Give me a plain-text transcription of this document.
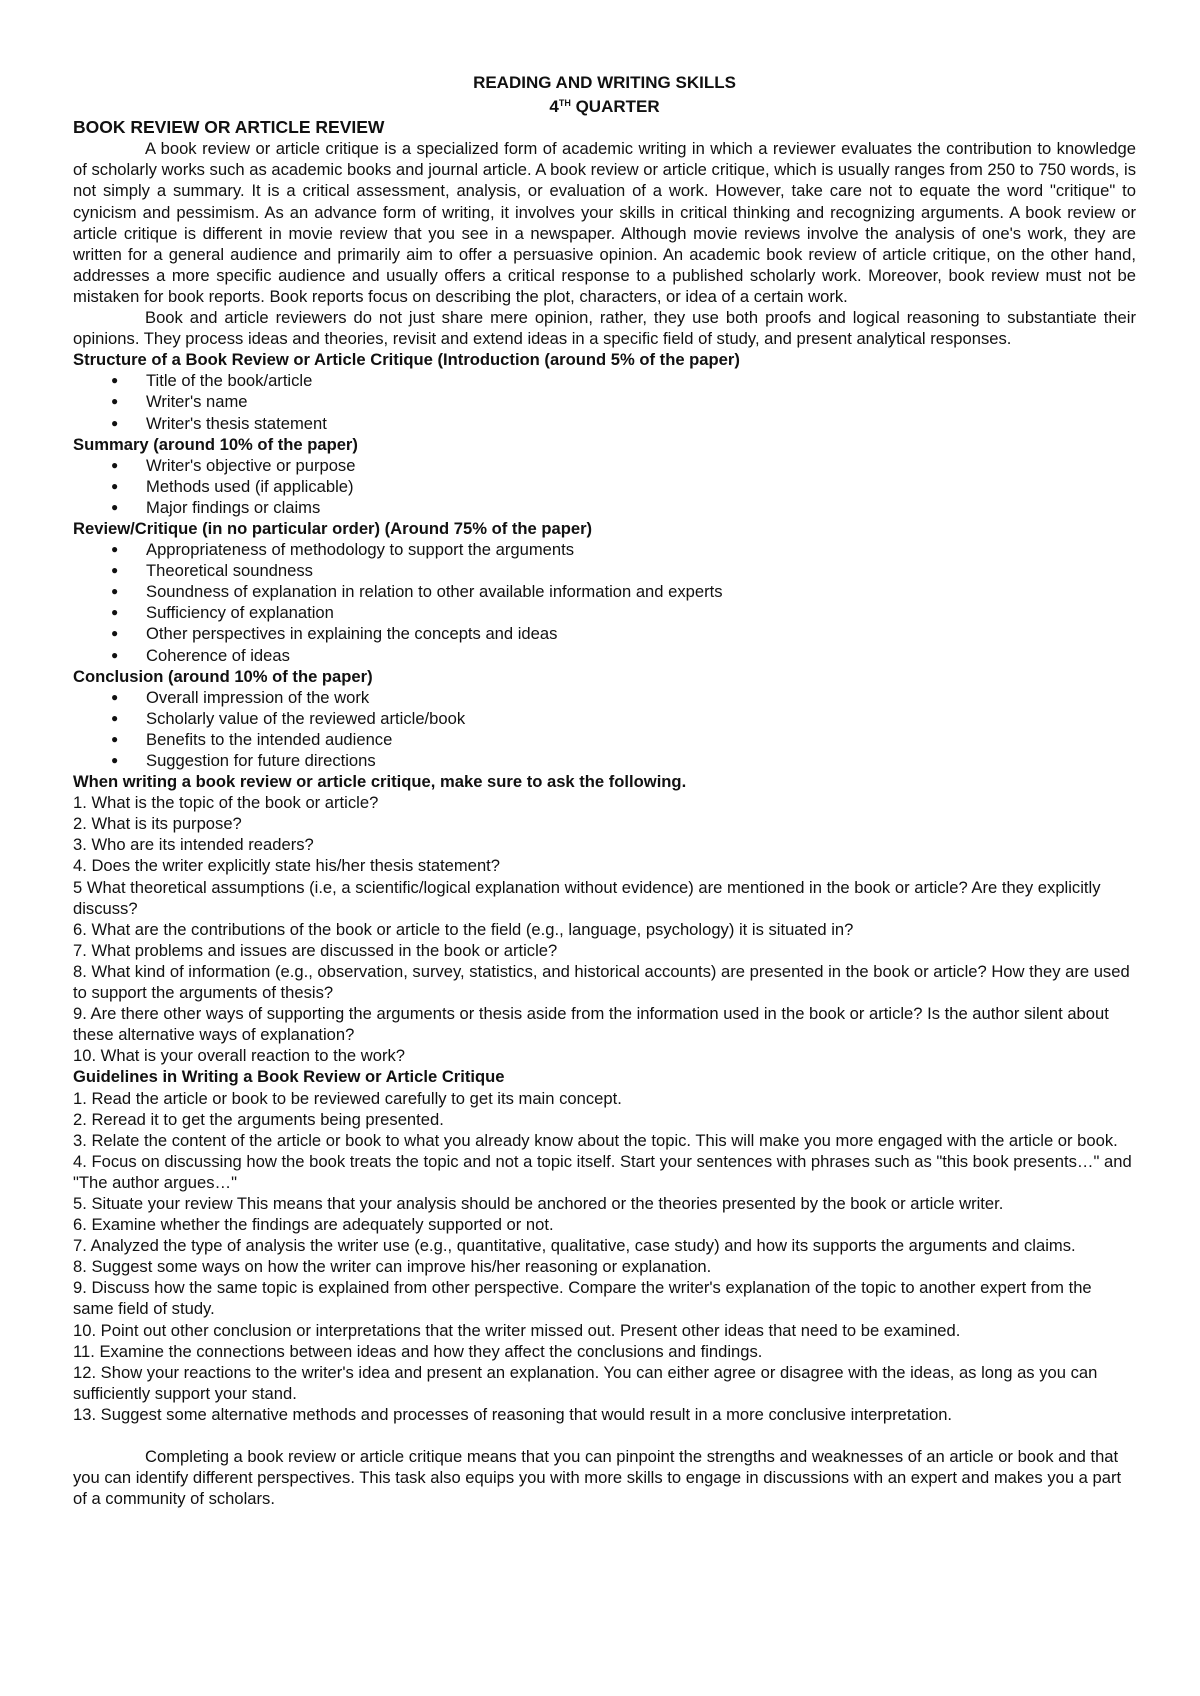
READING AND WRITING SKILLS

4TH QUARTER

BOOK REVIEW OR ARTICLE REVIEW

A book review or article critique is a specialized form of academic writing in which a reviewer evaluates the contribution to knowledge of scholarly works such as academic books and journal article. A book review or article critique, which is usually ranges from 250 to 750 words, is not simply a summary. It is a critical assessment, analysis, or evaluation of a work. However, take care not to equate the word "critique" to cynicism and pessimism. As an advance form of writing, it involves your skills in critical thinking and recognizing arguments. A book review or article critique is different in movie review that you see in a newspaper. Although movie reviews involve the analysis of one's work, they are written for a general audience and primarily aim to offer a persuasive opinion. An academic book review of article critique, on the other hand, addresses a more specific audience and usually offers a critical response to a published scholarly work. Moreover, book review must not be mistaken for book reports. Book reports focus on describing the plot, characters, or idea of a certain work.

Book and article reviewers do not just share mere opinion, rather, they use both proofs and logical reasoning to substantiate their opinions. They process ideas and theories, revisit and extend ideas in a specific field of study, and present analytical responses.

Structure of a Book Review or Article Critique (Introduction (around 5% of the paper)

● Title of the book/article
● Writer's name
● Writer's thesis statement

Summary (around 10% of the paper)

● Writer's objective or purpose
● Methods used (if applicable)
● Major findings or claims

Review/Critique (in no particular order) (Around 75% of the paper)

● Appropriateness of methodology to support the arguments
● Theoretical soundness
● Soundness of explanation in relation to other available information and experts
● Sufficiency of explanation
● Other perspectives in explaining the concepts and ideas
● Coherence of ideas

Conclusion (around 10% of the paper)

● Overall impression of the work
● Scholarly value of the reviewed article/book
● Benefits to the intended audience
● Suggestion for future directions

When writing a book review or article critique, make sure to ask the following.

1. What is the topic of the book or article?

2. What is its purpose?

3. Who are its intended readers?

4. Does the writer explicitly state his/her thesis statement?

5 What theoretical assumptions (i.e, a scientific/logical explanation without evidence) are mentioned in the book or article? Are they explicitly discuss?

6. What are the contributions of the book or article to the field (e.g., language, psychology) it is situated in?

7. What problems and issues are discussed in the book or article?

8. What kind of information (e.g., observation, survey, statistics, and historical accounts) are presented in the book or article? How they are used to support the arguments of thesis?

9. Are there other ways of supporting the arguments or thesis aside from the information used in the book or article? Is the author silent about these alternative ways of explanation?

10. What is your overall reaction to the work?

Guidelines in Writing a Book Review or Article Critique

1. Read the article or book to be reviewed carefully to get its main concept.

2. Reread it to get the arguments being presented.

3. Relate the content of the article or book to what you already know about the topic. This will make you more engaged with the article or book.

4. Focus on discussing how the book treats the topic and not a topic itself. Start your sentences with phrases such as "this book presents…" and "The author argues…"

5. Situate your review This means that your analysis should be anchored or the theories presented by the book or article writer.

6. Examine whether the findings are adequately supported or not.

7. Analyzed the type of analysis the writer use (e.g., quantitative, qualitative, case study) and how its supports the arguments and claims.

8. Suggest some ways on how the writer can improve his/her reasoning or explanation.

9. Discuss how the same topic is explained from other perspective. Compare the writer's explanation of the topic to another expert from the same field of study.

10. Point out other conclusion or interpretations that the writer missed out. Present other ideas that need to be examined.

11. Examine the connections between ideas and how they affect the conclusions and findings.

12. Show your reactions to the writer's idea and present an explanation. You can either agree or disagree with the ideas, as long as you can sufficiently support your stand.

13. Suggest some alternative methods and processes of reasoning that would result in a more conclusive interpretation.

Completing a book review or article critique means that you can pinpoint the strengths and weaknesses of an article or book and that you can identify different perspectives. This task also equips you with more skills to engage in discussions with an expert and makes you a part of a community of scholars.
